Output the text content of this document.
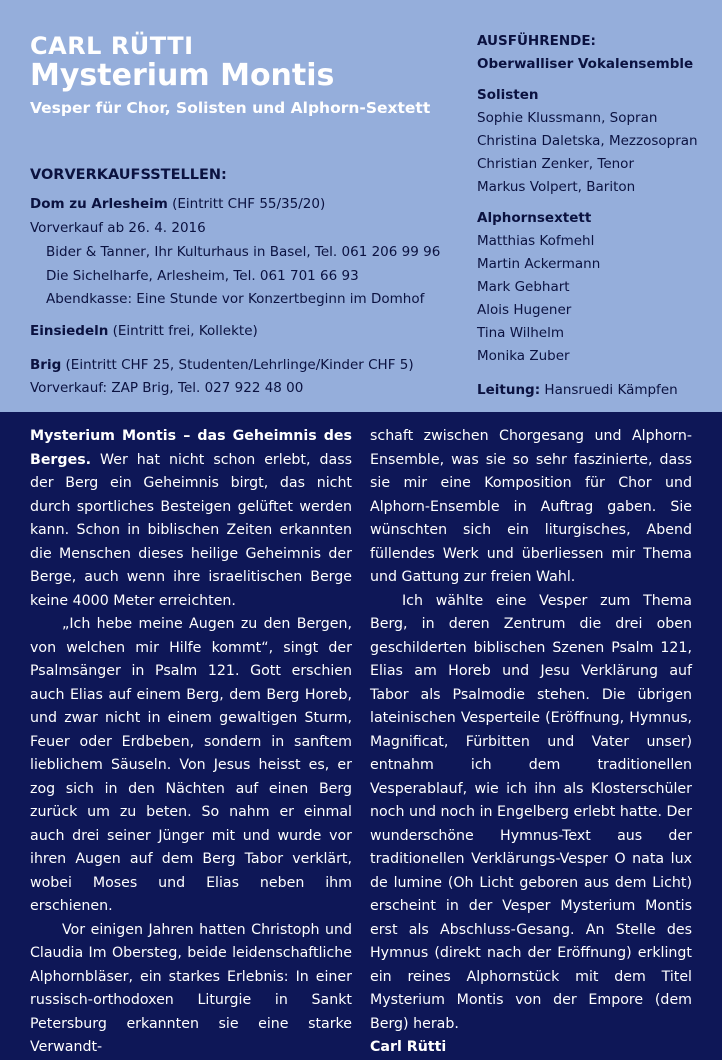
CARL RÜTTI
Mysterium Montis
Vesper für Chor, Solisten und Alphorn-Sextett
VORVERKAUFSSTELLEN:
Dom zu Arlesheim (Eintritt CHF 55/35/20)
Vorverkauf ab 26. 4. 2016
Bider & Tanner, Ihr Kulturhaus in Basel, Tel. 061 206 99 96
Die Sichelharfe, Arlesheim, Tel. 061 701 66 93
Abendkasse: Eine Stunde vor Konzertbeginn im Domhof
Einsiedeln (Eintritt frei, Kollekte)
Brig (Eintritt CHF 25, Studenten/Lehrlinge/Kinder CHF 5)
Vorverkauf: ZAP Brig, Tel. 027 922 48 00
AUSFÜHRENDE:
Oberwalliser Vokalensemble
Solisten
Sophie Klussmann, Sopran
Christina Daletska, Mezzosopran
Christian Zenker, Tenor
Markus Volpert, Bariton
Alphornsextett
Matthias Kofmehl
Martin Ackermann
Mark Gebhart
Alois Hugener
Tina Wilhelm
Monika Zuber
Leitung: Hansruedi Kämpfen

Mysterium Montis – das Geheimnis des Berges. Wer hat nicht schon erlebt, dass der Berg ein Geheimnis birgt, das nicht durch sportliches Besteigen gelüftet werden kann. Schon in biblischen Zeiten erkannten die Menschen dieses heilige Geheimnis der Berge, auch wenn ihre israelitischen Berge keine 4000 Meter erreichten.

„Ich hebe meine Augen zu den Bergen, von welchen mir Hilfe kommt“, singt der Psalmsänger in Psalm 121. Gott erschien auch Elias auf einem Berg, dem Berg Horeb, und zwar nicht in einem gewaltigen Sturm, Feuer oder Erdbeben, sondern in sanftem lieblichem Säuseln. Von Jesus heisst es, er zog sich in den Nächten auf einen Berg zurück um zu beten. So nahm er einmal auch drei seiner Jünger mit und wurde vor ihren Augen auf dem Berg Tabor verklärt, wobei Moses und Elias neben ihm erschienen.

Vor einigen Jahren hatten Christoph und Claudia Im Obersteg, beide leidenschaftliche Alphornbläser, ein starkes Erlebnis: In einer russisch-orthodoxen Liturgie in Sankt Petersburg erkannten sie eine starke Verwandt-

schaft zwischen Chorgesang und Alphorn-Ensemble, was sie so sehr faszinierte, dass sie mir eine Komposition für Chor und Alphorn-Ensemble in Auftrag gaben. Sie wünschten sich ein liturgisches, Abend füllendes Werk und überliessen mir Thema und Gattung zur freien Wahl.

Ich wählte eine Vesper zum Thema Berg, in deren Zentrum die drei oben geschilderten biblischen Szenen Psalm 121, Elias am Horeb und Jesu Verklärung auf Tabor als Psalmodie stehen. Die übrigen lateinischen Vesperteile (Eröffnung, Hymnus, Magnificat, Fürbitten und Vater unser) entnahm ich dem traditionellen Vesperablauf, wie ich ihn als Klosterschüler noch und noch in Engelberg erlebt hatte. Der wunderschöne Hymnus-Text aus der traditionellen Verklärungs-Vesper O nata lux de lumine (Oh Licht geboren aus dem Licht) erscheint in der Vesper Mysterium Montis erst als Abschluss-Gesang. An Stelle des Hymnus (direkt nach der Eröffnung) erklingt ein reines Alphornstück mit dem Titel Mysterium Montis von der Empore (dem Berg) herab.

Carl Rütti
